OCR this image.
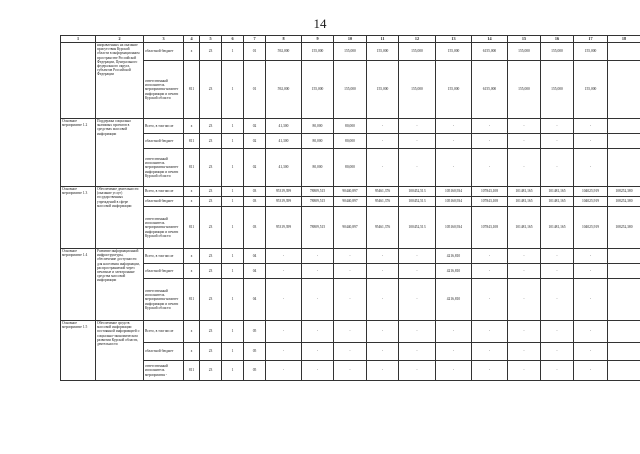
14
1	2	3	4	5	6	7	8	9	10	11	12	13	14	15	16	17	18
	направленных на оказание присутствия Курской области в информационном пространстве Российской Федерации, Центрального федерального округа, субъектов Российской Федерации	областной бюджет	х	23	1	01	592,000	155,000	155,000	155,000	155,000	155,000	6155,000	155,000	155,000	155,000	
		ответственный исполнитель мероприятия-комитет информации и печати Курской области	811	23	1	01	592,000	155,000	155,000	155,000	155,000	155,000	6155,000	155,000	155,000	155,000	
Основное мероприятие 1.2	Поддержка социально значимых проектов в средствах массовой информации	Всего, в том числе	х	23	1	02	41,300	80,000	80,000	-	-	-	-	-	-	-	
		областной бюджет	811	23	1	02	41,300	80,000	80,000	-	-	-	-	-	-	-	
		ответственный исполнитель мероприятия-комитет информации и печати Курской области	811	23	1	02	41,300	80,000	80,000	-	-	-	-	-	-	-	
Основное мероприятие 1.3	Обеспечение деятельности (оказание услуг) государственных учреждений в сфере массовой информации	Всего, в том числе	х	23	1	03	95319,399	78809,515	90440,897	95461,376	100452,513	105160,934	107843,108	101481,165	101481,165	104025,919	108252,380
		областной бюджет	х	23	1	03	95319,399	78809,515	90440,897	95461,376	100452,513	105160,934	107843,108	101481,165	101481,165	104025,919	108252,380
		ответственный исполнитель мероприятия-комитет информации и печати Курской области	811	23	1	03	95319,399	78809,515	90440,897	95461,376	100452,513	105160,934	107843,108	101481,165	101481,165	104025,919	108252,380
Основное мероприятие 1.4	Развитие информационной инфраструктуры, обеспечение доступности для населения информации, распространяемой через печатные и электронные средства массовой информации	Всего, в том числе	х	23	1	04	-	-	-	-	-	4216,810	-	-	-	-	
		областной бюджет	х	23	1	04	-	-	-	-	-	4216,810	-	-	-	-	
		ответственный исполнитель мероприятия-комитет информации и печати Курской области	811	23	1	04	-	-	-	-	-	4216,810	-	-	-	-	
Основное мероприятие 1.5	Обеспечение средств массовой информации постоянной информацией о социально-экономическом развитии Курской области, деятельности	Всего, в том числе	х	23	1	05	-	-	-	-	-	-	-	-	-	-	
		областной бюджет	х	23	1	05	-	-	-	-	-	-	-	-	-	-	
		ответственный исполнитель мероприятия -	811	23	1	05	-	-	-	-	-	-	-	-	-	-	
